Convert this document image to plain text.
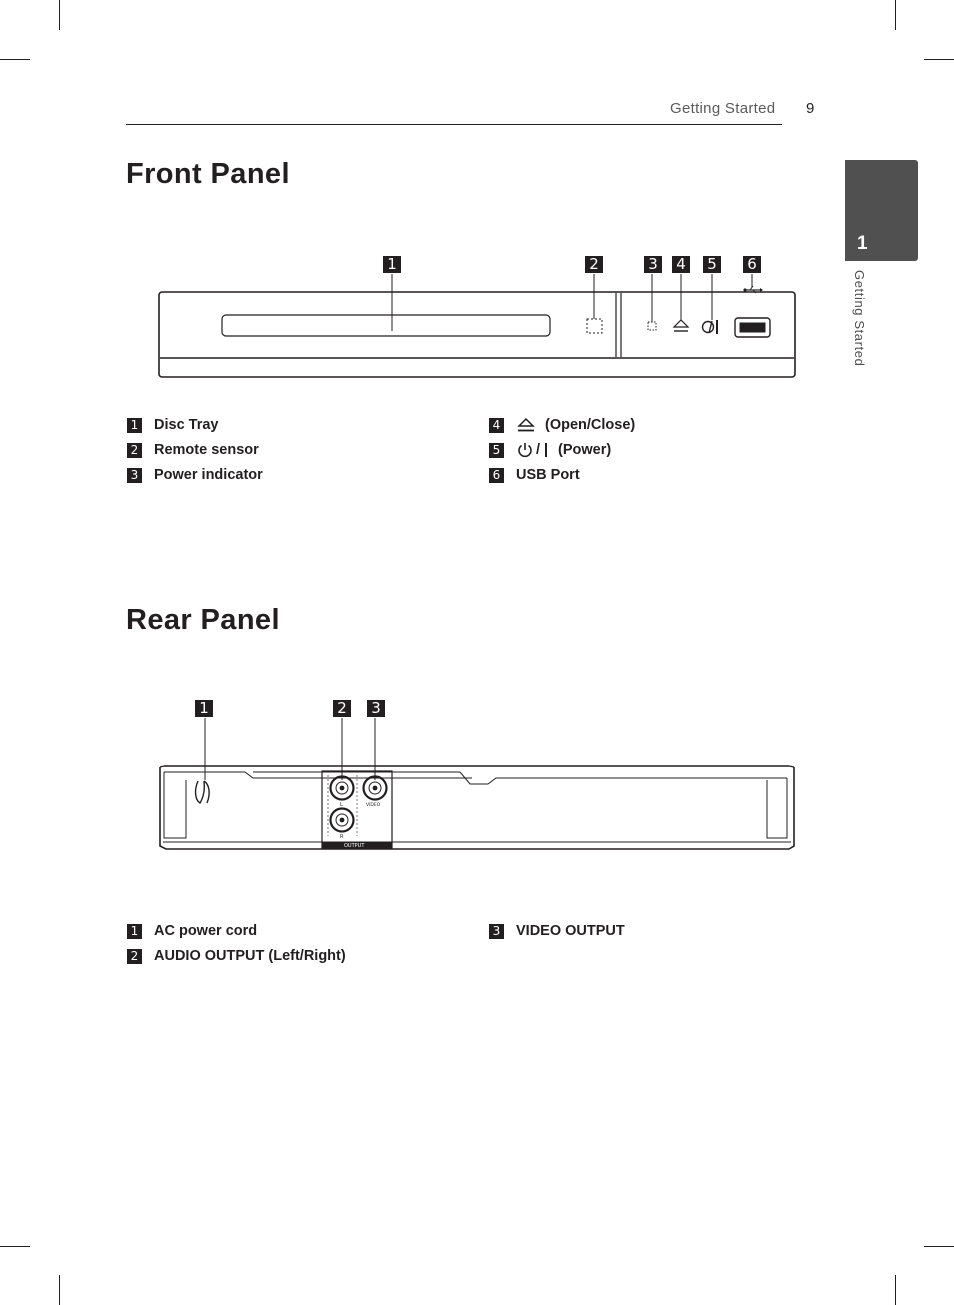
Getting Started 9
1
Getting Started
Front Panel
1	2	3 4 5 6
1 Disc Tray
2 Remote sensor
3 Power indicator
4	(Open/Close)
5 / (Power)
6 USB Port
Rear Panel
1	2 3
L
R
VIDEO
OUTPUT
1 AC power cord
2 AUDIO OUTPUT (Left/Right)
3 VIDEO OUTPUT
